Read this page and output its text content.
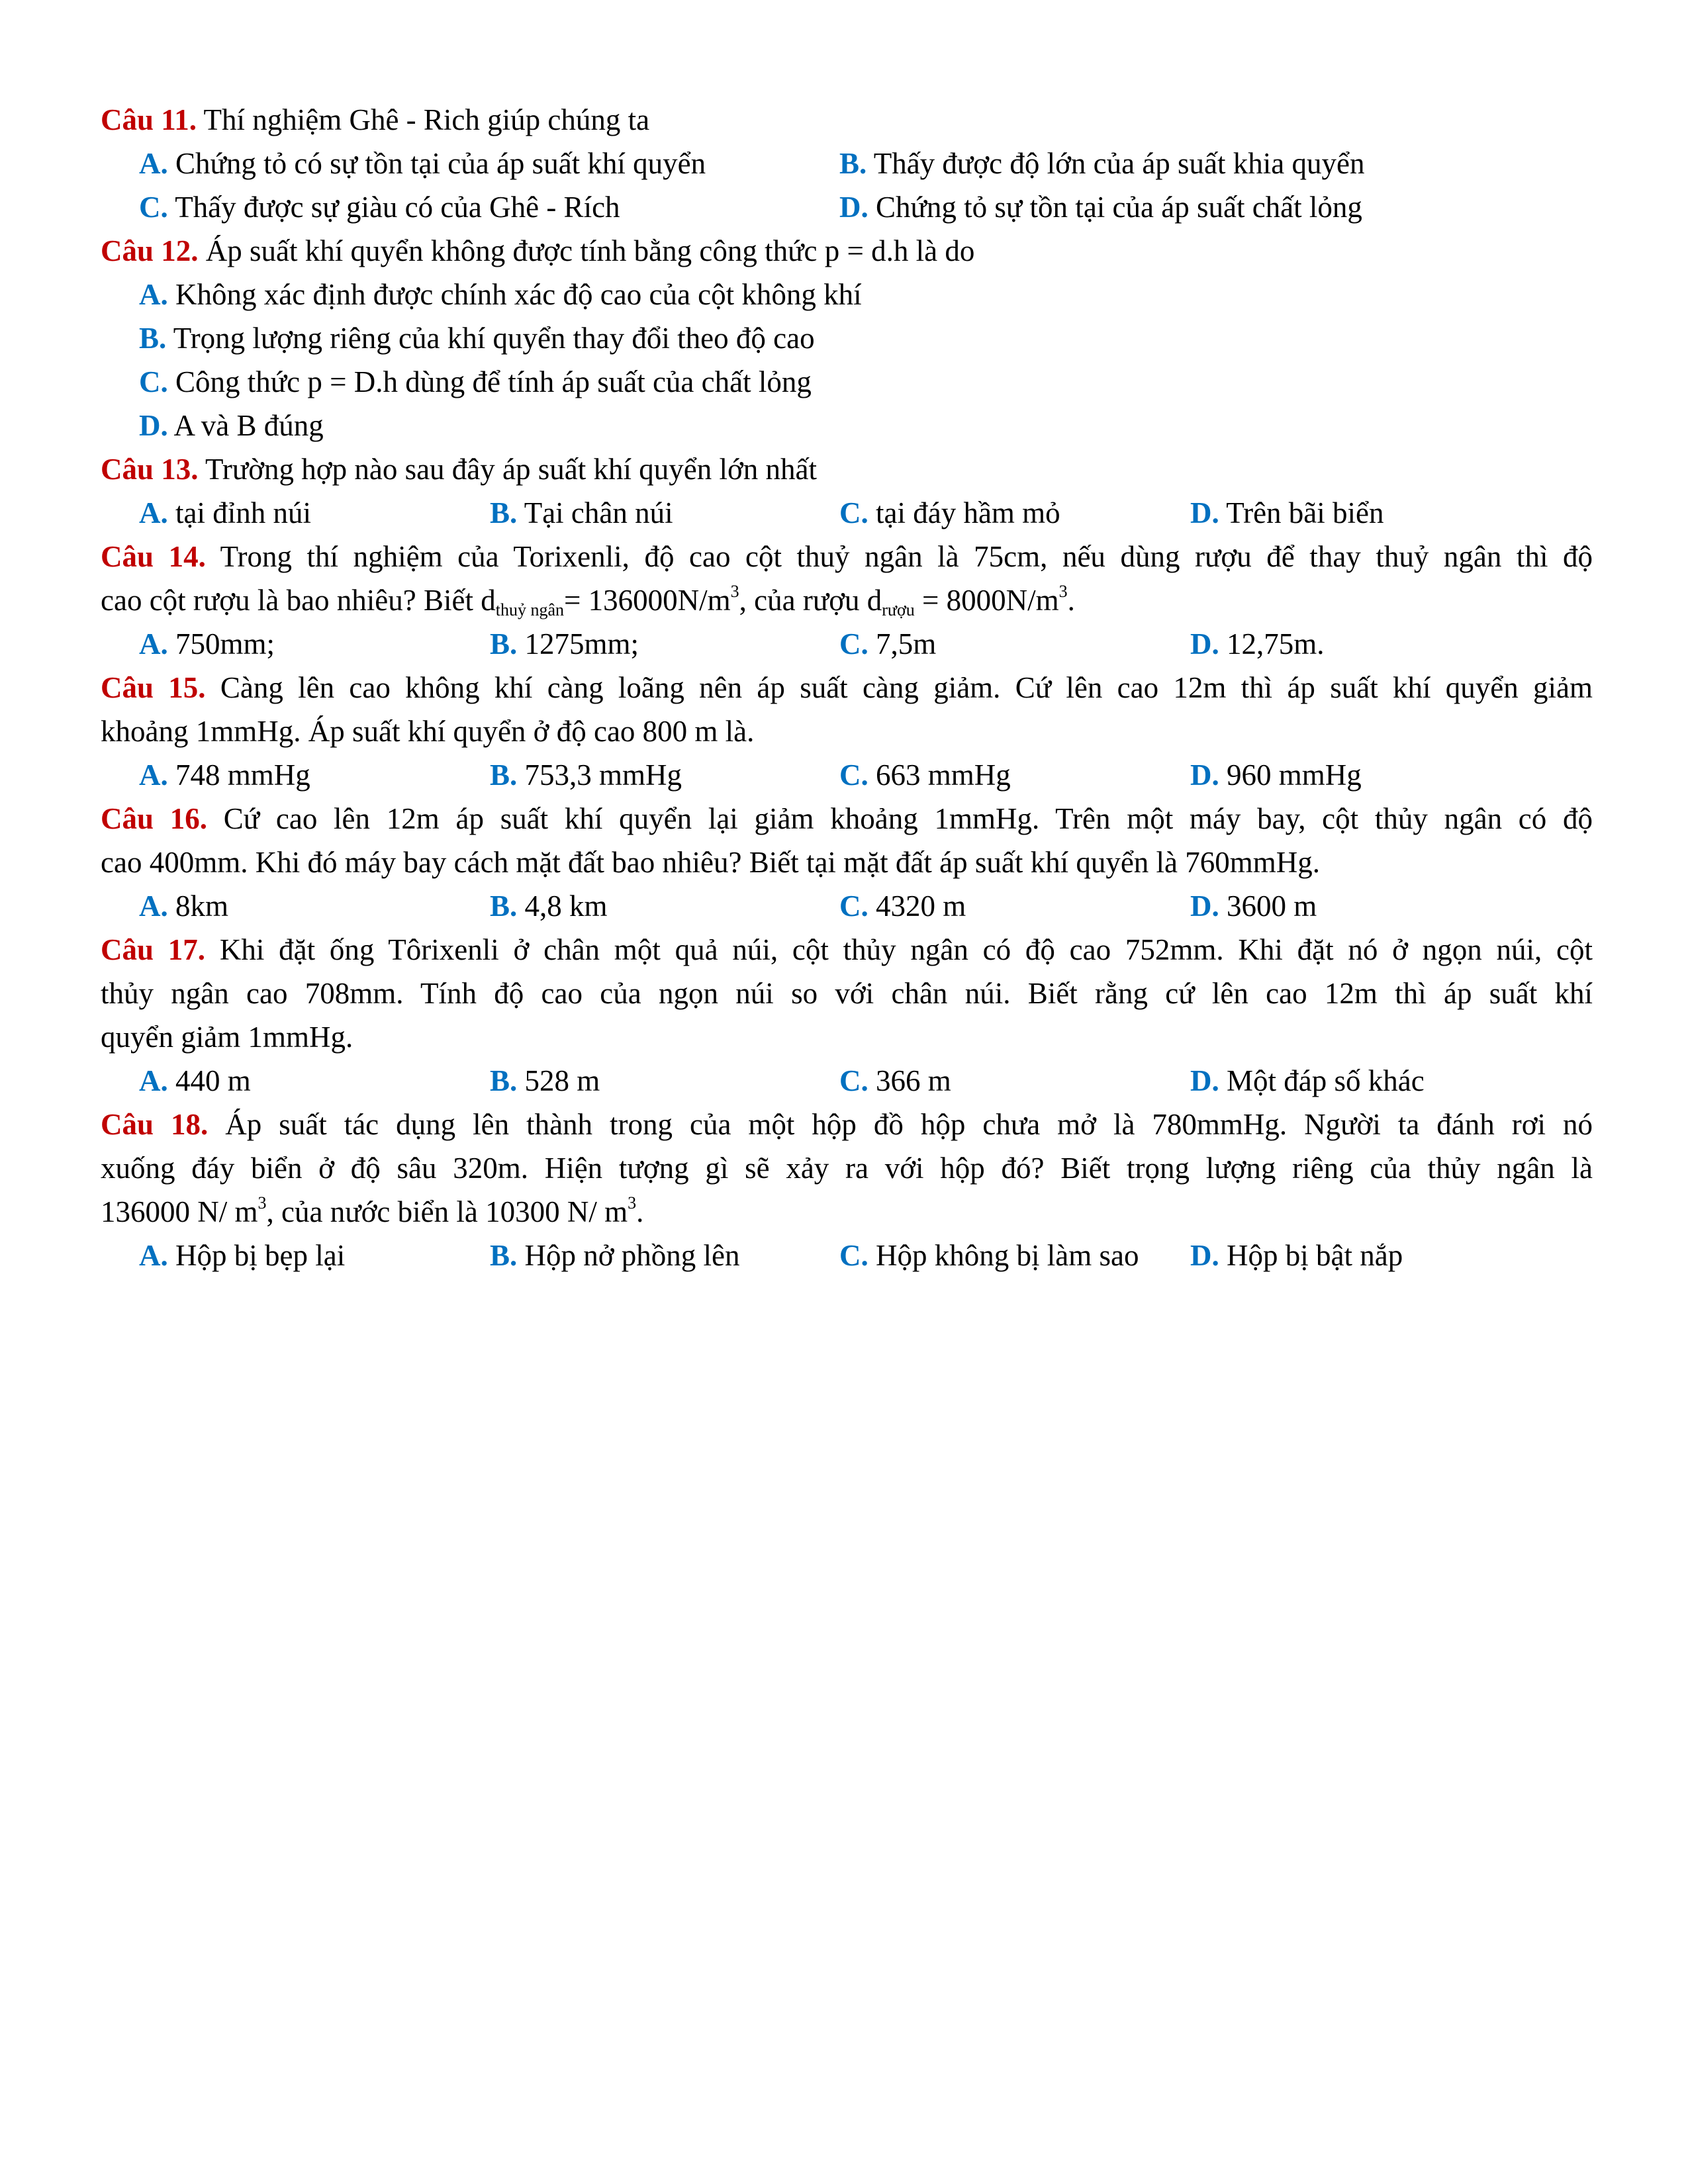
Câu 11. Thí nghiệm Ghê - Rich giúp chúng ta
A. Chứng tỏ có sự tồn tại của áp suất khí quyển	B. Thấy được độ lớn của áp suất khia quyển
C. Thấy được sự giàu có của Ghê - Rích	D. Chứng tỏ sự tồn tại của áp suất chất lỏng
Câu 12. Áp suất khí quyển không được tính bằng công thức p = d.h là do
A. Không xác định được chính xác độ cao của cột không khí
B. Trọng lượng riêng của khí quyển thay đổi theo độ cao
C. Công thức p = D.h dùng để tính áp suất của chất lỏng
D. A và B đúng
Câu 13. Trường hợp nào sau đây áp suất khí quyển lớn nhất
A. tại đỉnh núi	B. Tại chân núi	C. tại đáy hầm mỏ	D. Trên bãi biển
Câu 14. Trong thí nghiệm của Torixenli, độ cao cột thuỷ ngân là 75cm, nếu dùng rượu để thay thuỷ ngân thì độ
cao cột rượu là bao nhiêu? Biết $d_{thuỷ ngân}= 136000N/m^3$, của rượu $d_{rượu} = 8000N/m^3$.
A. 750mm;	B. 1275mm;	C. 7,5m	D. 12,75m.
Câu 15. Càng lên cao không khí càng loãng nên áp suất càng giảm. Cứ lên cao 12m thì áp suất khí quyển giảm
khoảng 1mmHg. Áp suất khí quyển ở độ cao 800 m là.
A. 748 mmHg	B. 753,3 mmHg	C. 663 mmHg	D. 960 mmHg
Câu 16. Cứ cao lên 12m áp suất khí quyển lại giảm khoảng 1mmHg. Trên một máy bay, cột thủy ngân có độ
cao 400mm. Khi đó máy bay cách mặt đất bao nhiêu? Biết tại mặt đất áp suất khí quyển là 760mmHg.
A. 8km	B. 4,8 km	C. 4320 m	D. 3600 m
Câu 17. Khi đặt ống Tôrixenli ở chân một quả núi, cột thủy ngân có độ cao 752mm. Khi đặt nó ở ngọn núi, cột
thủy ngân cao 708mm. Tính độ cao của ngọn núi so với chân núi. Biết rằng cứ lên cao 12m thì áp suất khí
quyển giảm 1mmHg.
A. 440 m	B. 528 m	C. 366 m	D. Một đáp số khác
Câu 18. Áp suất tác dụng lên thành trong của một hộp đồ hộp chưa mở là 780mmHg. Người ta đánh rơi nó
xuống đáy biển ở độ sâu 320m. Hiện tượng gì sẽ xảy ra với hộp đó? Biết trọng lượng riêng của thủy ngân là
136000 N/ $m^3$, của nước biển là 10300 N/ $m^3$.
A. Hộp bị bẹp lại	B. Hộp nở phồng lên	C. Hộp không bị làm sao D. Hộp bị bật nắp
